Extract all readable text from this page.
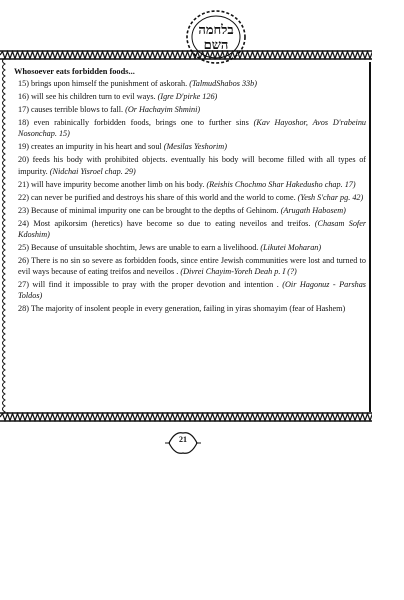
בלחמה
השם
Whosoever eats forbidden foods...
15) brings upon himself the punishment of askorah. (TalmudShabos 33b)
16) will see his children turn to evil ways. (Igre D'pirke 126)
17) causes terrible blows to fall. (Or Hachayim Shmini)
18) even rabinically forbidden foods, brings one to further sins (Kav Hayoshor, Avos D'rabeinu Nosonchap. 15)
19) creates an impurity in his heart and soul (Mesilas Yeshorim)
20) feeds his body with prohibited objects. eventually his body will become filled with all types of impurity. (Nidchai Yisroel chap. 29)
21) will have impurity become another limb on his body. (Reishis Chochmo Shar Hakedusho chap. 17)
22) can never be purified and destroys his share of this world and the world to come. (Yesh S'char pg. 42)
23) Because of minimal impurity one can be brought to the depths of Gehinom. (Arugath Habosem)
24) Most apikorsim (heretics) have become so due to eating neveilos and treifos. (Chasam Sofer Kdoshim)
25) Because of unsuitable shochtim, Jews are unable to earn a livelihood. (Likutei Moharan)
26) There is no sin so severe as forbidden foods, since entire Jewish communities were lost and turned to evil ways because of eating treifos and neveilos . (Divrei Chayim-Yoreh Deah p. I (?)
27) will find it impossible to pray with the proper devotion and intention . (Oir Hagonuz - Parshas Toldos)
28) The majority of insolent people in every generation, failing in yiras shomayim (fear of Hashem)
21
